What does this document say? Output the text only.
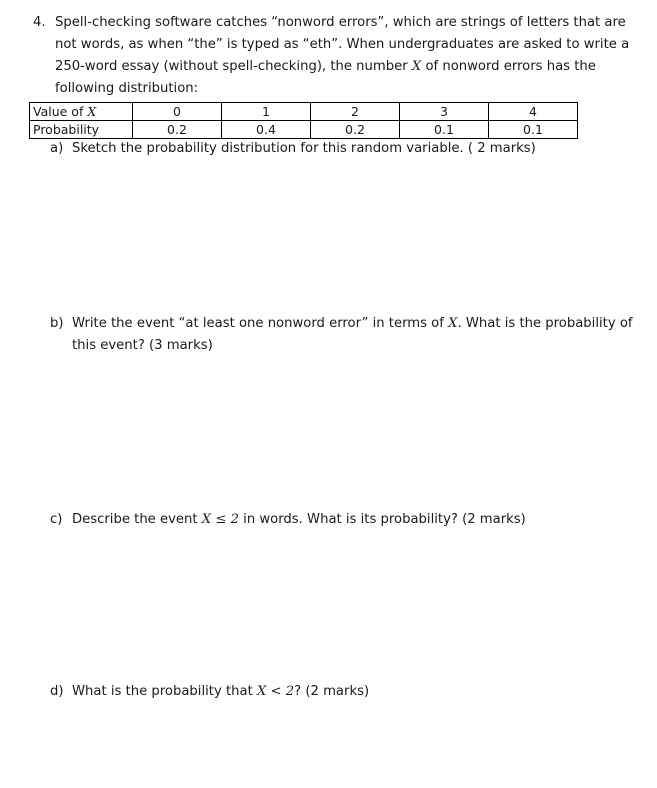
4. Spell-checking software catches “nonword errors”, which are strings of letters that are
not words, as when “the” is typed as “eth”. When undergraduates are asked to write a
250-word essay (without spell-checking), the number X of nonword errors has the
following distribution:
Value of X	0	1	2	3	4
Probability	0.2	0.4	0.2	0.1	0.1
a) Sketch the probability distribution for this random variable. ( 2 marks)
b) Write the event “at least one nonword error” in terms of X. What is the probability of
this event? (3 marks)
c) Describe the event X ≤ 2 in words. What is its probability? (2 marks)
d) What is the probability that X < 2? (2 marks)
